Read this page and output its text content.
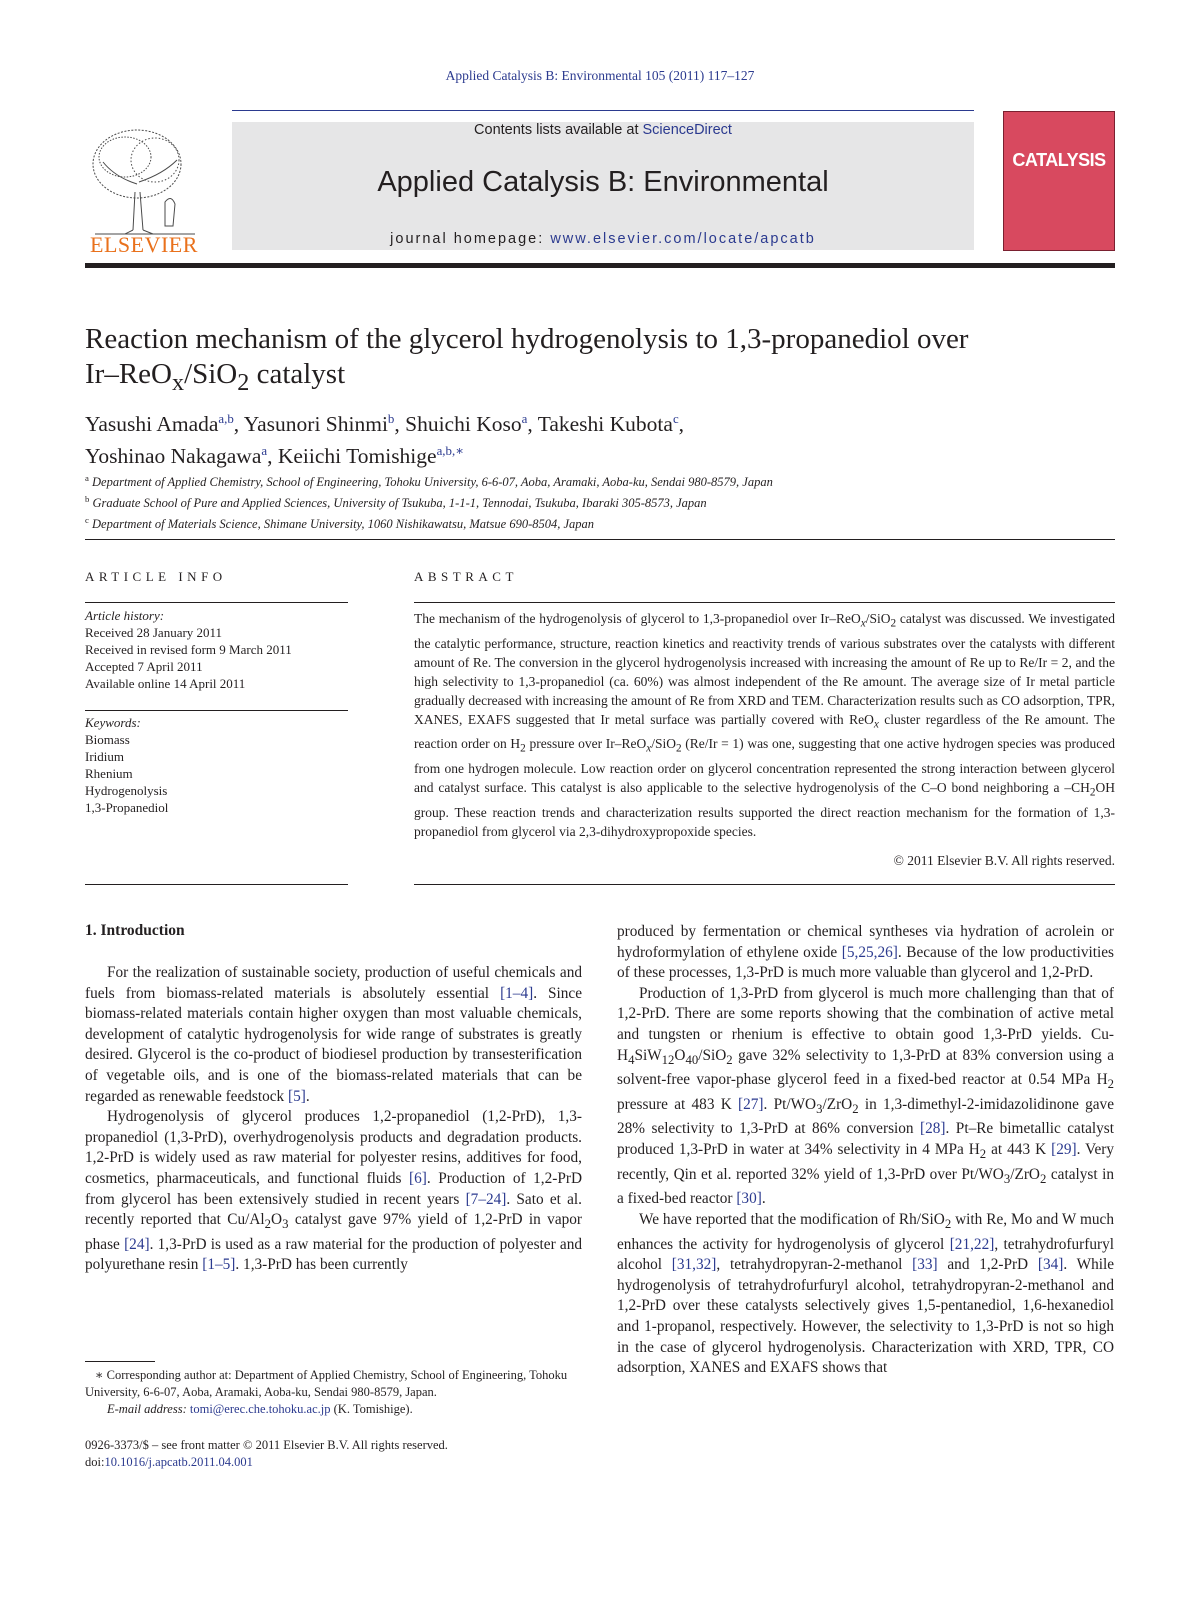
Applied Catalysis B: Environmental 105 (2011) 117–127
Contents lists available at ScienceDirect
Applied Catalysis B: Environmental
journal homepage: www.elsevier.com/locate/apcatb
ELSEVIER
CATALYSIS
Reaction mechanism of the glycerol hydrogenolysis to 1,3-propanediol over
Ir–ReO$_x$/SiO$_2$ catalyst
Yasushi Amada$^{a,b}$, Yasunori Shinmi$^b$, Shuichi Koso$^a$, Takeshi Kubota$^c$,
Yoshinao Nakagawa$^a$, Keiichi Tomishige$^{a,b,∗}$
$^a$ Department of Applied Chemistry, School of Engineering, Tohoku University, 6-6-07, Aoba, Aramaki, Aoba-ku, Sendai 980-8579, Japan
$^b$ Graduate School of Pure and Applied Sciences, University of Tsukuba, 1-1-1, Tennodai, Tsukuba, Ibaraki 305-8573, Japan
$^c$ Department of Materials Science, Shimane University, 1060 Nishikawatsu, Matsue 690-8504, Japan
ARTICLE INFO	ABSTRACT
Article history:
Received 28 January 2011
Received in revised form 9 March 2011
Accepted 7 April 2011
Available online 14 April 2011
Keywords:
Biomass
Iridium
Rhenium
Hydrogenolysis
1,3-Propanediol
The mechanism of the hydrogenolysis of glycerol to 1,3-propanediol over Ir–ReO$_x$/SiO$_2$ catalyst was discussed. We investigated the catalytic performance, structure, reaction kinetics and reactivity trends of various substrates over the catalysts with different amount of Re. The conversion in the glycerol hydrogenolysis increased with increasing the amount of Re up to Re/Ir = 2, and the high selectivity to 1,3-propanediol (ca. 60%) was almost independent of the Re amount. The average size of Ir metal particle gradually decreased with increasing the amount of Re from XRD and TEM. Characterization results such as CO adsorption, TPR, XANES, EXAFS suggested that Ir metal surface was partially covered with ReO$_x$ cluster regardless of the Re amount. The reaction order on $H_2$ pressure over Ir–ReO$_x$/SiO$_2$ (Re/Ir = 1) was one, suggesting that one active hydrogen species was produced from one hydrogen molecule. Low reaction order on glycerol concentration represented the strong interaction between glycerol and catalyst surface. This catalyst is also applicable to the selective hydrogenolysis of the C–O bond neighboring a $-CH_2OH$ group. These reaction trends and characterization results supported the direct reaction mechanism for the formation of 1,3-propanediol from glycerol via 2,3-dihydroxypropoxide species.
© 2011 Elsevier B.V. All rights reserved.
1. Introduction

For the realization of sustainable society, production of useful chemicals and fuels from biomass-related materials is absolutely essential [1–4]. Since biomass-related materials contain higher oxygen than most valuable chemicals, development of catalytic hydrogenolysis for wide range of substrates is greatly desired. Glycerol is the co-product of biodiesel production by transesterification of vegetable oils, and is one of the biomass-related materials that can be regarded as renewable feedstock [5].

Hydrogenolysis of glycerol produces 1,2-propanediol (1,2-PrD), 1,3-propanediol (1,3-PrD), overhydrogenolysis products and degradation products. 1,2-PrD is widely used as raw material for polyester resins, additives for food, cosmetics, pharmaceuticals, and functional fluids [6]. Production of 1,2-PrD from glycerol has been extensively studied in recent years [7–24]. Sato et al. recently reported that $Cu/Al_2O_3$ catalyst gave 97% yield of 1,2-PrD in vapor phase [24]. 1,3-PrD is used as a raw material for the production of polyester and polyurethane resin [1–5]. 1,3-PrD has been currently

produced by fermentation or chemical syntheses via hydration of acrolein or hydroformylation of ethylene oxide [5,25,26]. Because of the low productivities of these processes, 1,3-PrD is much more valuable than glycerol and 1,2-PrD.

Production of 1,3-PrD from glycerol is much more challenging than that of 1,2-PrD. There are some reports showing that the combination of active metal and tungsten or rhenium is effective to obtain good 1,3-PrD yields. $Cu-H_4SiW_{12}O_{40}/SiO_2$ gave 32% selectivity to 1,3-PrD at 83% conversion using a solvent-free vapor-phase glycerol feed in a fixed-bed reactor at 0.54 MPa $H_2$ pressure at 483 K [27]. $Pt/WO_3/ZrO_2$ in 1,3-dimethyl-2-imidazolidinone gave 28% selectivity to 1,3-PrD at 86% conversion [28]. Pt–Re bimetallic catalyst produced 1,3-PrD in water at 34% selectivity in 4 MPa $H_2$ at 443 K [29]. Very recently, Qin et al. reported 32% yield of 1,3-PrD over $Pt/WO_3/ZrO_2$ catalyst in a fixed-bed reactor [30].

We have reported that the modification of Rh/SiO$_2$ with Re, Mo and W much enhances the activity for hydrogenolysis of glycerol [21,22], tetrahydrofurfuryl alcohol [31,32], tetrahydropyran-2-methanol [33] and 1,2-PrD [34]. While hydrogenolysis of tetrahydrofurfuryl alcohol, tetrahydropyran-2-methanol and 1,2-PrD over these catalysts selectively gives 1,5-pentanediol, 1,6-hexanediol and 1-propanol, respectively. However, the selectivity to 1,3-PrD is not so high in the case of glycerol hydrogenolysis. Characterization with XRD, TPR, CO adsorption, XANES and EXAFS shows that

∗ Corresponding author at: Department of Applied Chemistry, School of Engineering, Tohoku University, 6-6-07, Aoba, Aramaki, Aoba-ku, Sendai 980-8579, Japan.

E-mail address: tomi@erec.che.tohoku.ac.jp (K. Tomishige).

0926-3373/$ – see front matter © 2011 Elsevier B.V. All rights reserved.
doi:10.1016/j.apcatb.2011.04.001
